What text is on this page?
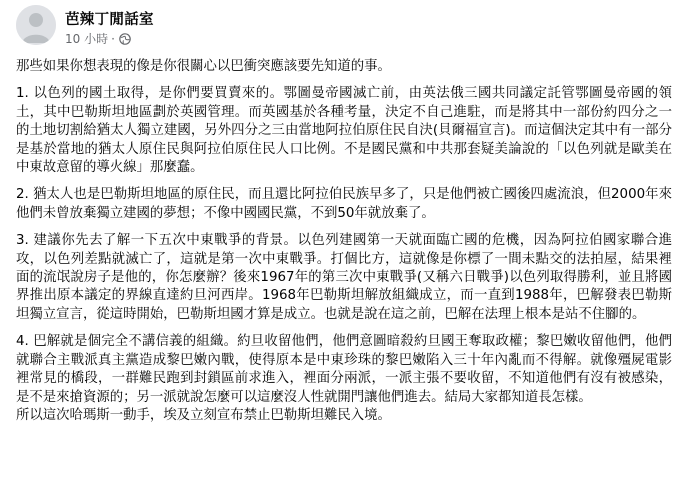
芭辣丁閒話室
10 小時 ·

那些如果你想表現的像是你很關心以巴衝突應該要先知道的事。

1. 以色列的國土取得，是你們要買賣來的。鄂圖曼帝國滅亡前，由英法俄三國共同議定託管鄂圖曼帝國的領土，其中巴勒斯坦地區劃於英國管理。而英國基於各種考量，決定不自己進駐，而是將其中一部份約四分之一的土地切割給猶太人獨立建國，另外四分之三由當地阿拉伯原住民自決(貝爾福宣言)。而這個決定其中有一部分是基於當地的猶太人原住民與阿拉伯原住民人口比例。不是國民黨和中共那套疑美論說的「以色列就是歐美在中東故意留的導火線」那麼蠢。

2. 猶太人也是巴勒斯坦地區的原住民，而且還比阿拉伯民族早多了，只是他們被亡國後四處流浪，但2000年來他們未曾放棄獨立建國的夢想；不像中國國民黨，不到50年就放棄了。

3. 建議你先去了解一下五次中東戰爭的背景。以色列建國第一天就面臨亡國的危機，因為阿拉伯國家聯合進攻，以色列差點就滅亡了，這就是第一次中東戰爭。打個比方，這就像是你標了一間未點交的法拍屋，結果裡面的流氓說房子是他的，你怎麼辦？後來1967年的第三次中東戰爭(又稱六日戰爭)以色列取得勝利，並且將國界推出原本議定的界線直達約旦河西岸。1968年巴勒斯坦解放組織成立，而一直到1988年，巴解發表巴勒斯坦獨立宣言，從這時開始，巴勒斯坦國才算是成立。也就是說在這之前，巴解在法理上根本是站不住腳的。

4. 巴解就是個完全不講信義的組織。約旦收留他們，他們意圖暗殺約旦國王奪取政權；黎巴嫩收留他們，他們就聯合主戰派真主黨造成黎巴嫩內戰，使得原本是中東珍珠的黎巴嫩陷入三十年內亂而不得解。就像殭屍電影裡常見的橋段，一群難民跑到封鎖區前求進入，裡面分兩派，一派主張不要收留，不知道他們有沒有被感染，是不是來搶資源的；另一派就說怎麼可以這麼沒人性就開門讓他們進去。結局大家都知道長怎樣。

所以這次哈瑪斯一動手，埃及立刻宣布禁止巴勒斯坦難民入境。
